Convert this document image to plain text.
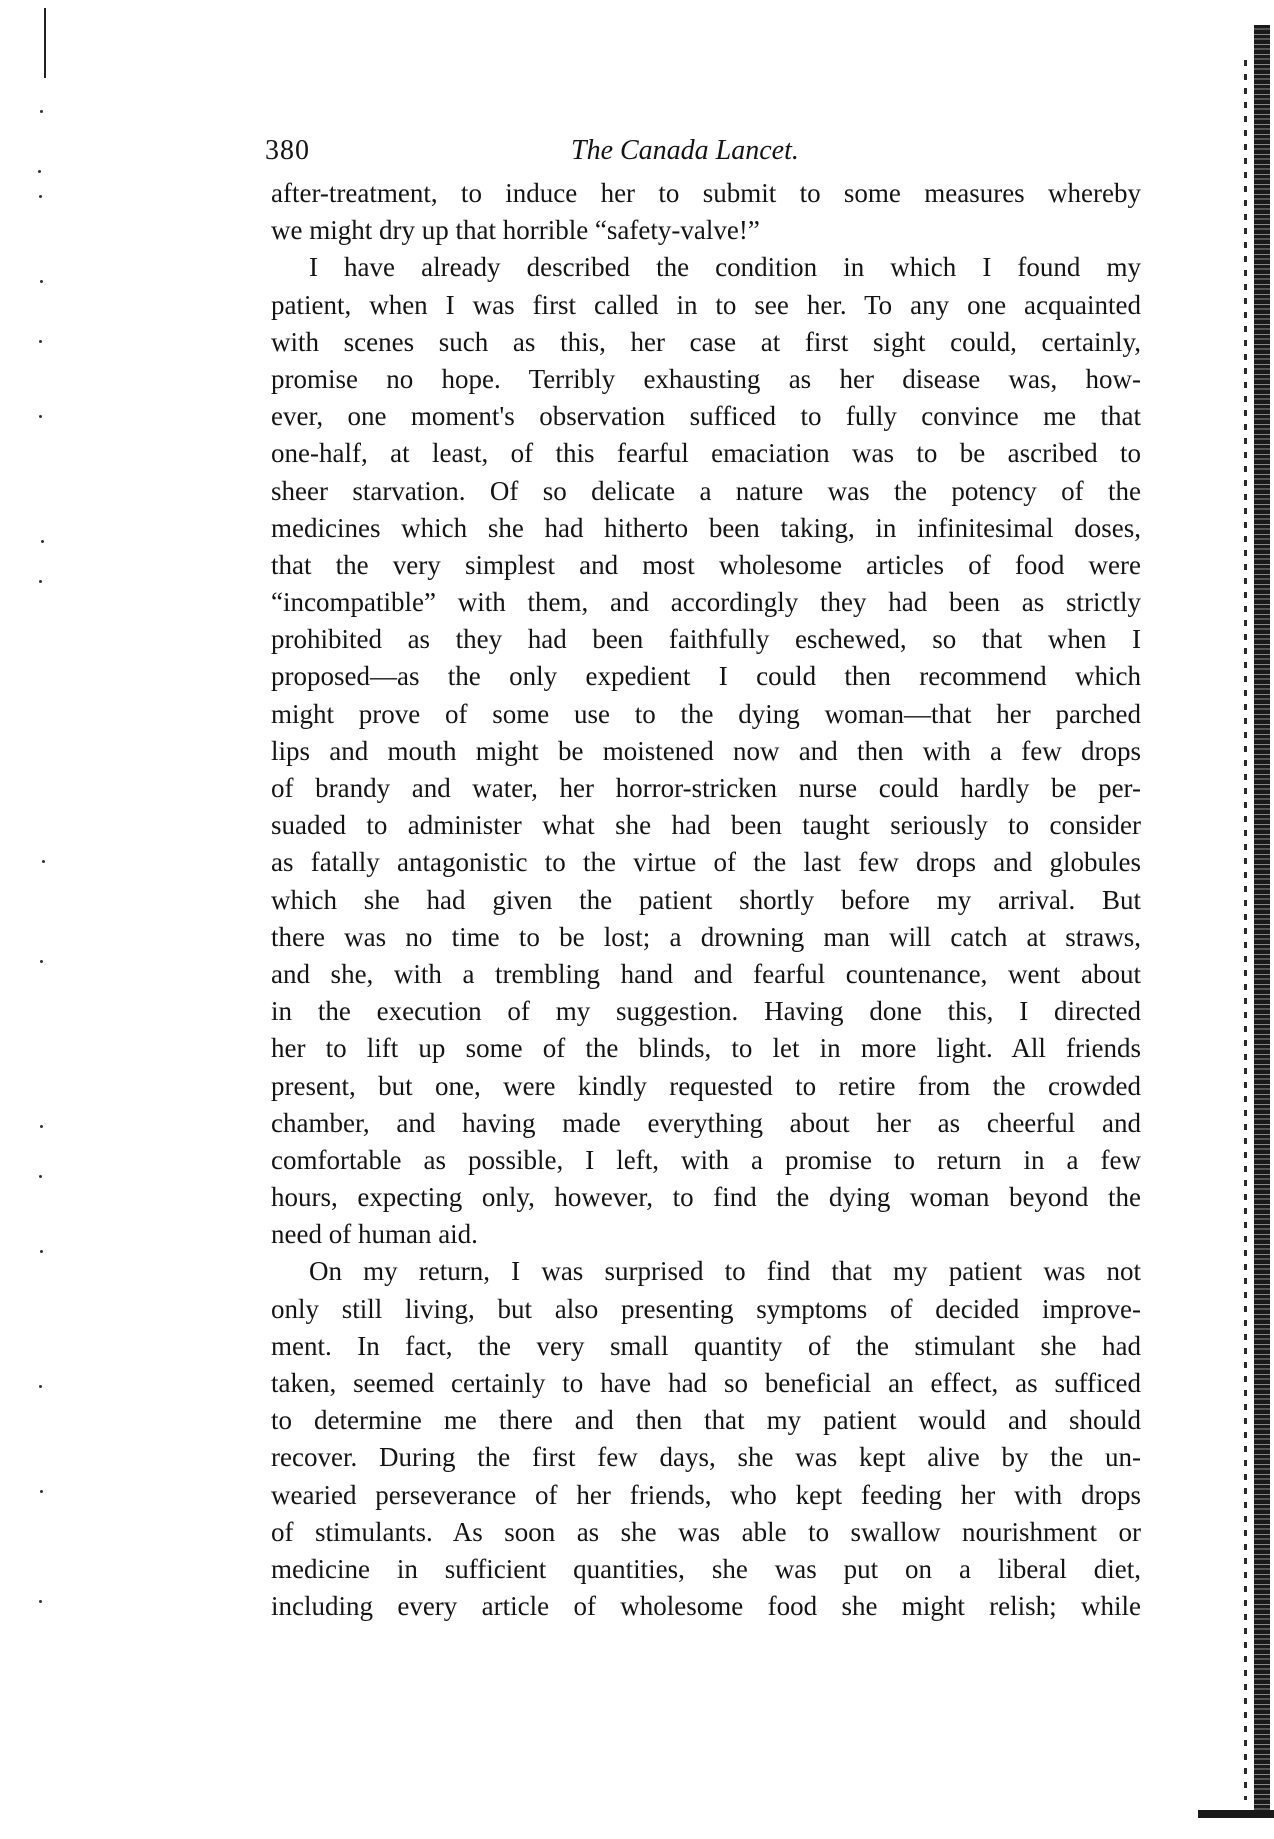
380	The Canada Lancet.
after-treatment, to induce her to submit to some measures whereby
we might dry up that horrible “safety-valve!”
I have already described the condition in which I found my
patient, when I was first called in to see her. To any one acquainted
with scenes such as this, her case at first sight could, certainly,
promise no hope. Terribly exhausting as her disease was, how-
ever, one moment's observation sufficed to fully convince me that
one-half, at least, of this fearful emaciation was to be ascribed to
sheer starvation. Of so delicate a nature was the potency of the
medicines which she had hitherto been taking, in infinitesimal doses,
that the very simplest and most wholesome articles of food were
“incompatible” with them, and accordingly they had been as strictly
prohibited as they had been faithfully eschewed, so that when I
proposed—as the only expedient I could then recommend which
might prove of some use to the dying woman—that her parched
lips and mouth might be moistened now and then with a few drops
of brandy and water, her horror-stricken nurse could hardly be per-
suaded to administer what she had been taught seriously to consider
as fatally antagonistic to the virtue of the last few drops and globules
which she had given the patient shortly before my arrival. But
there was no time to be lost; a drowning man will catch at straws,
and she, with a trembling hand and fearful countenance, went about
in the execution of my suggestion. Having done this, I directed
her to lift up some of the blinds, to let in more light. All friends
present, but one, were kindly requested to retire from the crowded
chamber, and having made everything about her as cheerful and
comfortable as possible, I left, with a promise to return in a few
hours, expecting only, however, to find the dying woman beyond the
need of human aid.
On my return, I was surprised to find that my patient was not
only still living, but also presenting symptoms of decided improve-
ment. In fact, the very small quantity of the stimulant she had
taken, seemed certainly to have had so beneficial an effect, as sufficed
to determine me there and then that my patient would and should
recover. During the first few days, she was kept alive by the un-
wearied perseverance of her friends, who kept feeding her with drops
of stimulants. As soon as she was able to swallow nourishment or
medicine in sufficient quantities, she was put on a liberal diet,
including every article of wholesome food she might relish; while
